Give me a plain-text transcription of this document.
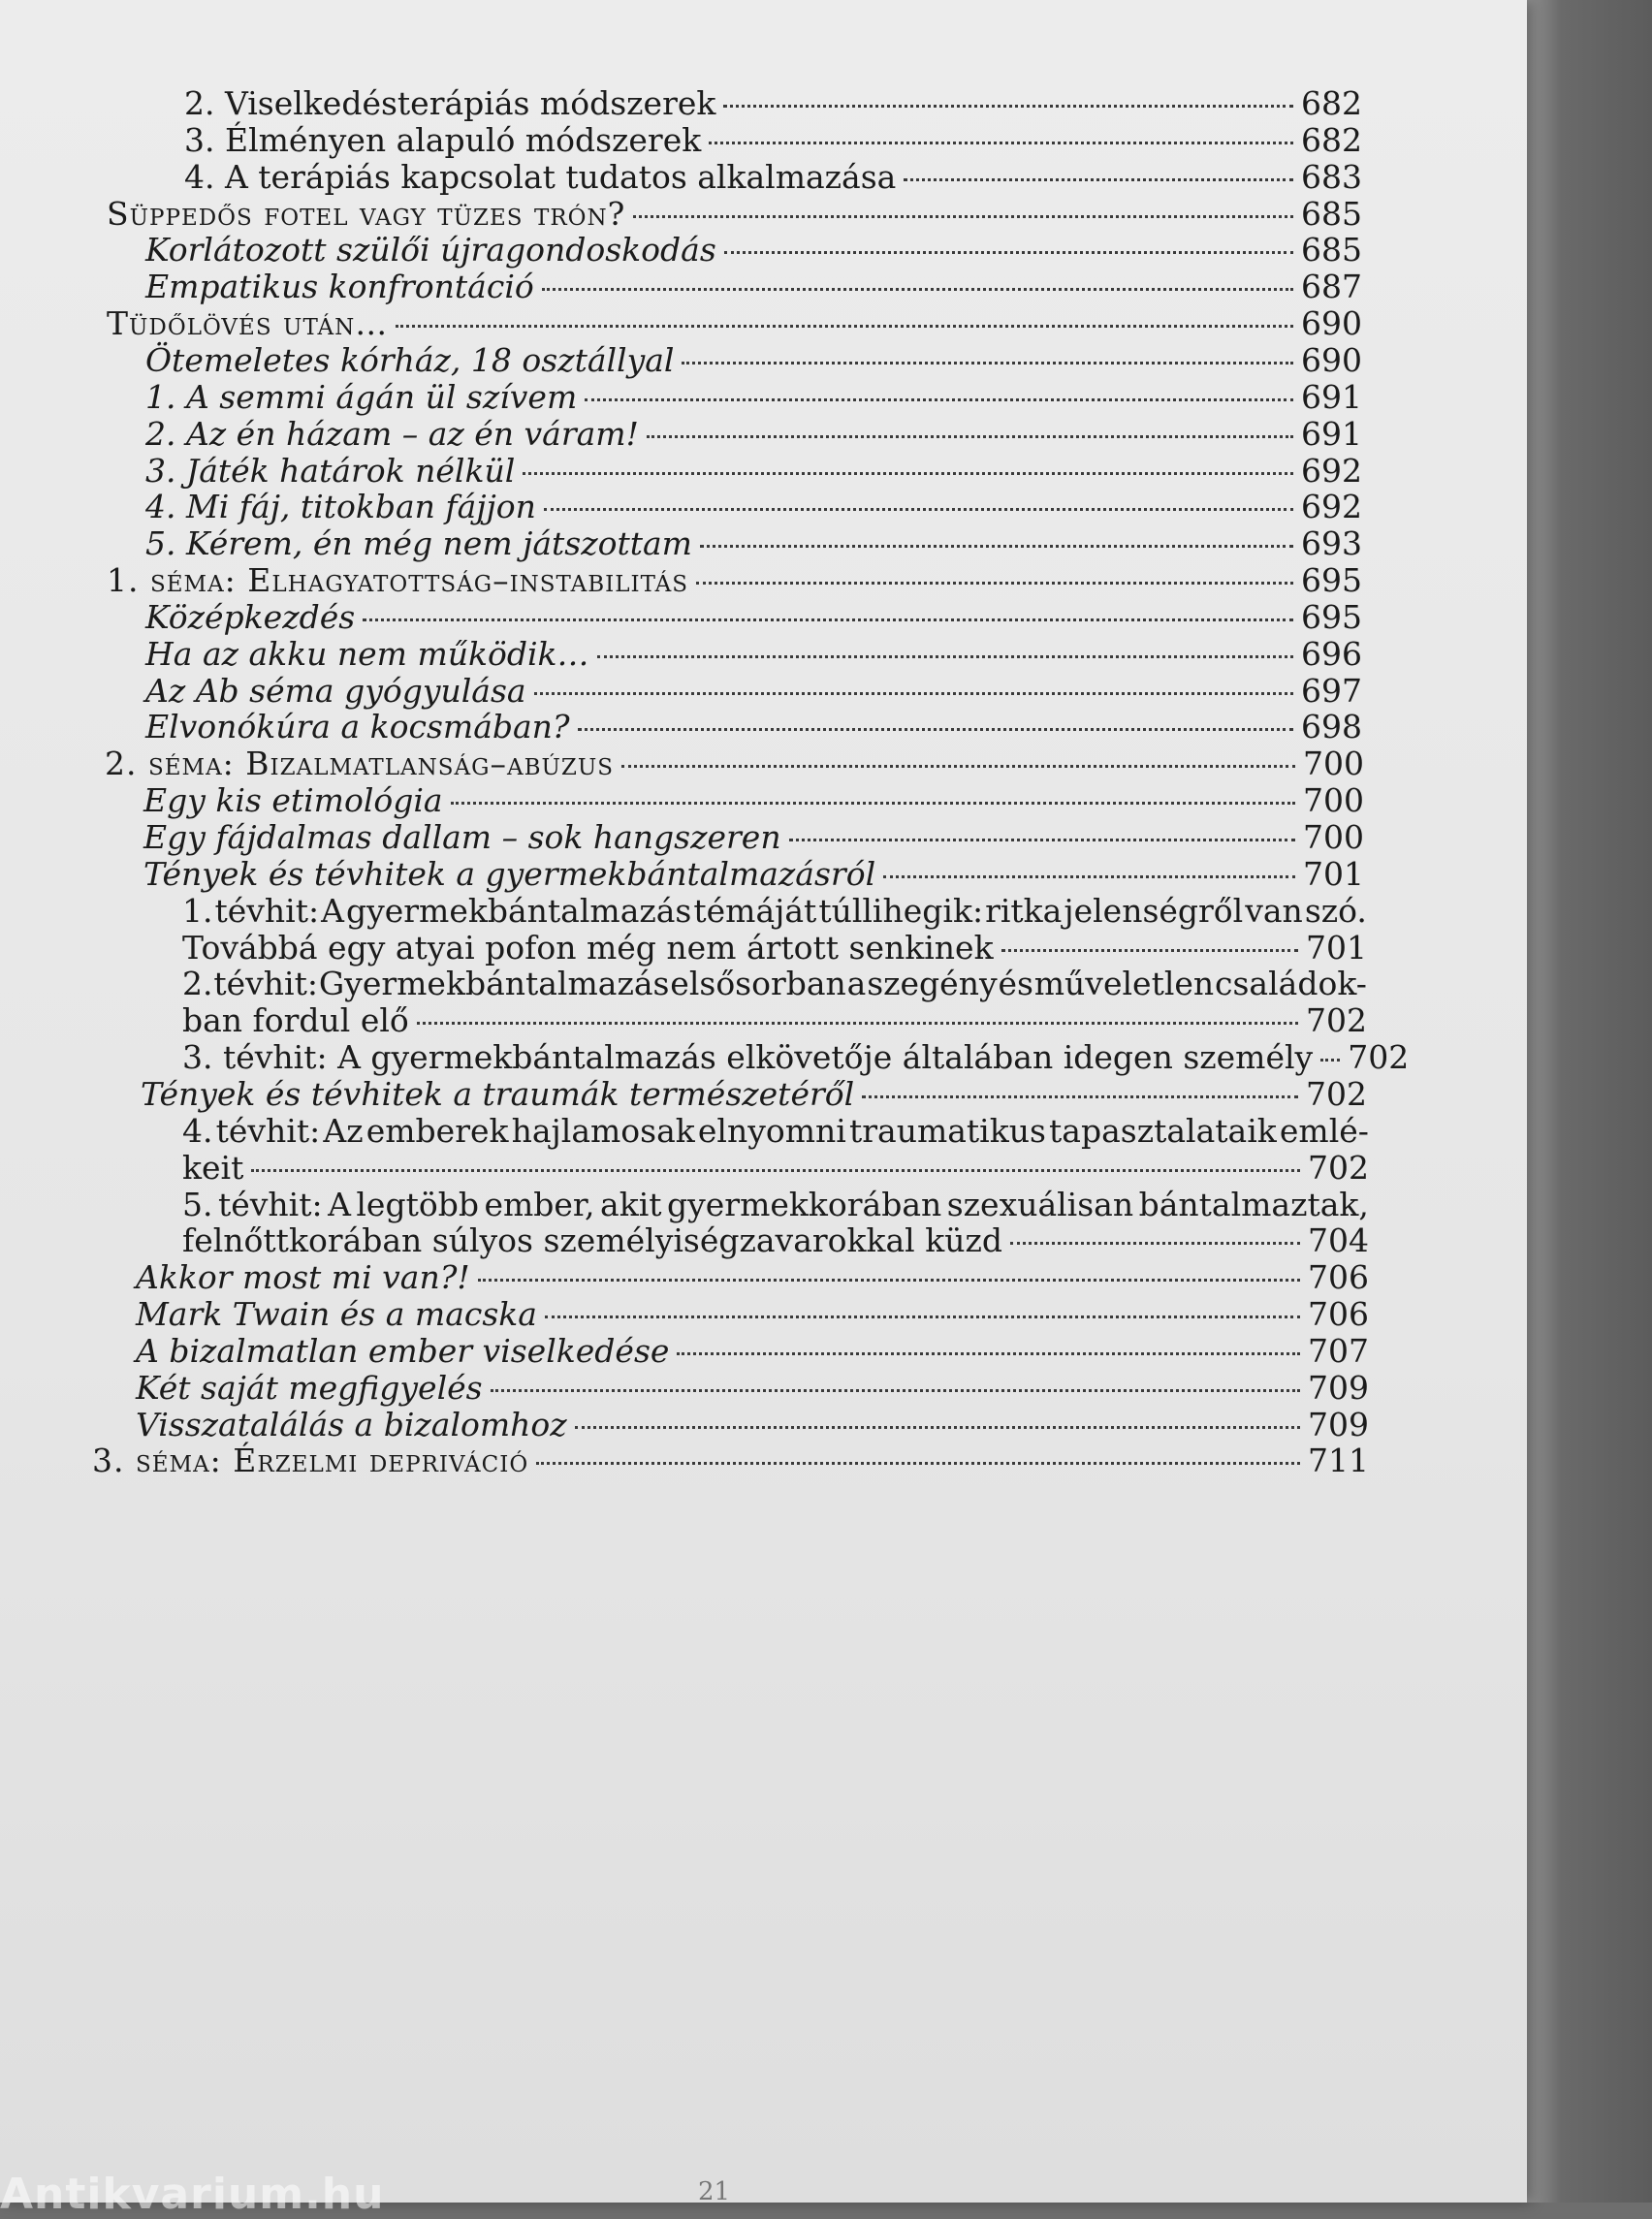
2. Viselkedésterápiás módszerek	682
3. Élményen alapuló módszerek	682
4. A terápiás kapcsolat tudatos alkalmazása	683
Süppedős fotel vagy tüzes trón?	685
Korlátozott szülői újragondoskodás	685
Empatikus konfrontáció	687
Tüdőlövés után…	690
Ötemeletes kórház, 18 osztállyal	690
1. A semmi ágán ül szívem	691
2. Az én házam – az én váram!	691
3. Játék határok nélkül	692
4. Mi fáj, titokban fájjon	692
5. Kérem, én még nem játszottam	693
1. séma: Elhagyatottság–instabilitás	695
Középkezdés	695
Ha az akku nem működik…	696
Az Ab séma gyógyulása	697
Elvonókúra a kocsmában?	698
2. séma: Bizalmatlanság–abúzus	700
Egy kis etimológia	700
Egy fájdalmas dallam – sok hangszeren	700
Tények és tévhitek a gyermekbántalmazásról	701
1. tévhit: A gyermekbántalmazás témáját túllihegik: ritka jelenségről van szó.
Továbbá egy atyai pofon még nem ártott senkinek	701
2. tévhit: Gyermekbántalmazás elsősorban a szegény és műveletlen családok-
ban fordul elő	702
3. tévhit: A gyermekbántalmazás elkövetője általában idegen személy 702
Tények és tévhitek a traumák természetéről	702
4. tévhit: Az emberek hajlamosak elnyomni traumatikus tapasztalataik emlé-
keit	702
5. tévhit: A legtöbb ember, akit gyermekkorában szexuálisan bántalmaztak,
felnőttkorában súlyos személyiségzavarokkal küzd	704
Akkor most mi van?!	706
Mark Twain és a macska	706
A bizalmatlan ember viselkedése	707
Két saját megfigyelés	709
Visszatalálás a bizalomhoz	709
3. séma: Érzelmi depriváció	711
21
Antikvarium.hu
